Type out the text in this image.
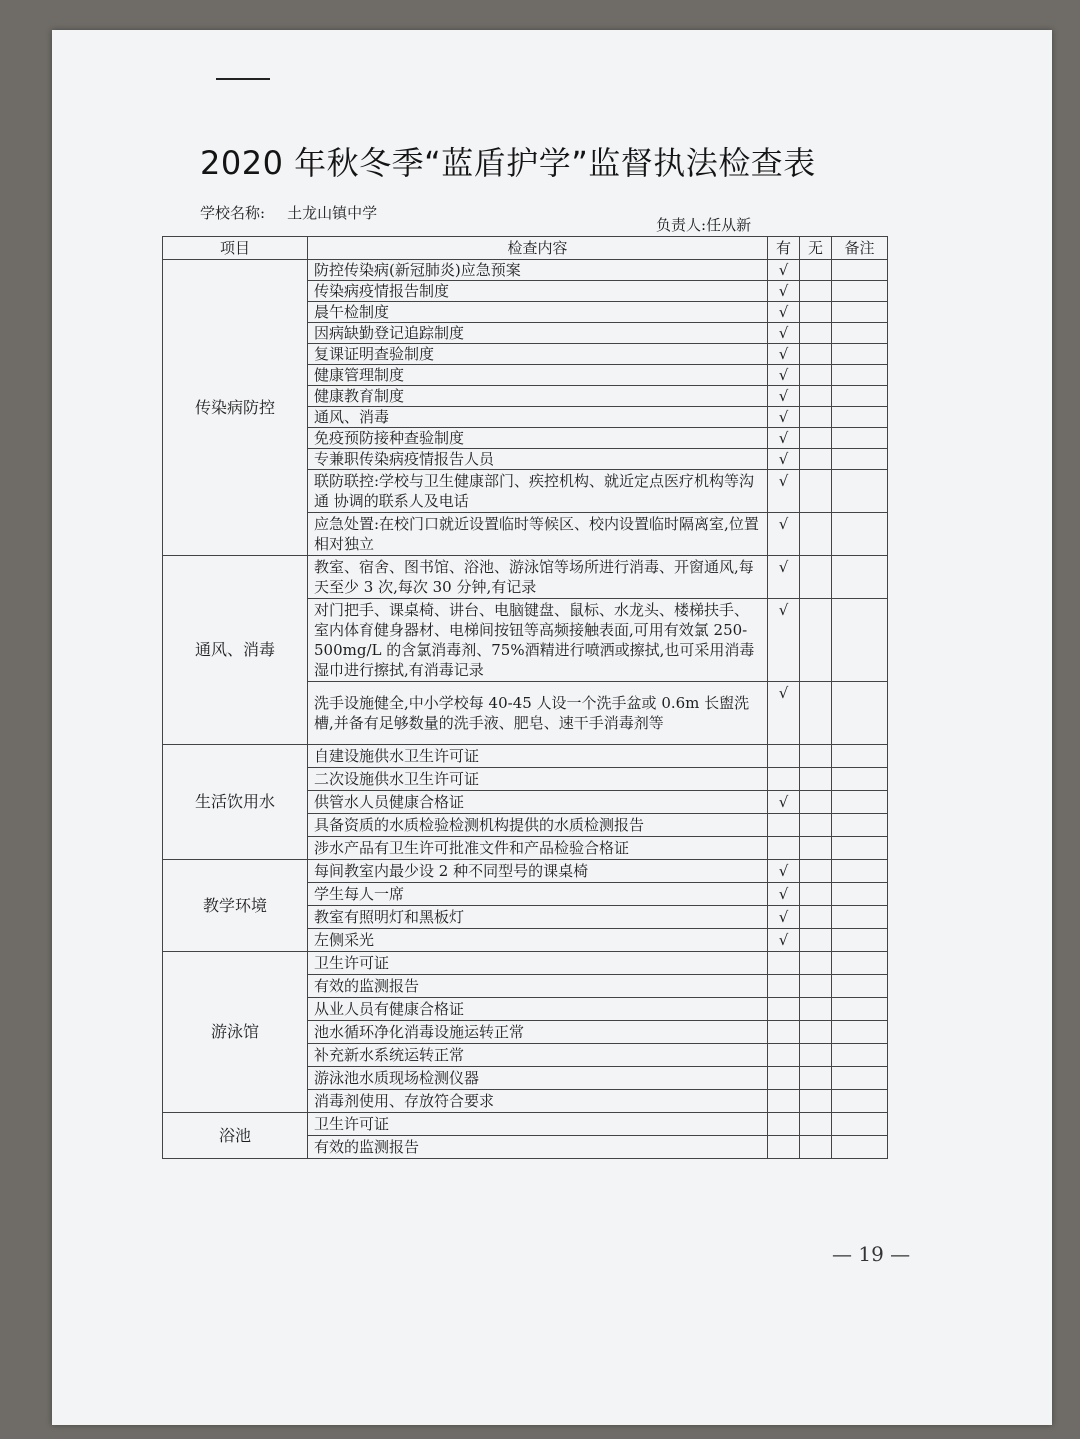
2020 年秋冬季“蓝盾护学”监督执法检查表
学校名称: 土龙山镇中学
负责人:任从新
项目	检查内容	有	无	备注
传染病防控	防控传染病(新冠肺炎)应急预案	√		
	传染病疫情报告制度	√		
	晨午检制度	√		
	因病缺勤登记追踪制度	√		
	复课证明查验制度	√		
	健康管理制度	√		
	健康教育制度	√		
	通风、消毒	√		
	免疫预防接种查验制度	√		
	专兼职传染病疫情报告人员	√		
	联防联控:学校与卫生健康部门、疾控机构、就近定点医疗机构等沟通 协调的联系人及电话	√		
	应急处置:在校门口就近设置临时等候区、校内设置临时隔离室,位置相对独立	√		
通风、消毒	教室、宿舍、图书馆、浴池、游泳馆等场所进行消毒、开窗通风,每天至少 3 次,每次 30 分钟,有记录	√		
	对门把手、课桌椅、讲台、电脑键盘、鼠标、水龙头、楼梯扶手、室内体育健身器材、电梯间按钮等高频接触表面,可用有效氯 250-500mg/L 的含氯消毒剂、75%酒精进行喷洒或擦拭,也可采用消毒湿巾进行擦拭,有消毒记录	√		
	洗手设施健全,中小学校每 40-45 人设一个洗手盆或 0.6m 长盥洗槽,并备有足够数量的洗手液、肥皂、速干手消毒剂等	√		
生活饮用水	自建设施供水卫生许可证			
	二次设施供水卫生许可证			
	供管水人员健康合格证	√		
	具备资质的水质检验检测机构提供的水质检测报告			
	涉水产品有卫生许可批准文件和产品检验合格证			
教学环境	每间教室内最少设 2 种不同型号的课桌椅	√		
	学生每人一席	√		
	教室有照明灯和黑板灯	√		
	左侧采光	√		
游泳馆	卫生许可证			
	有效的监测报告			
	从业人员有健康合格证			
	池水循环净化消毒设施运转正常			
	补充新水系统运转正常			
	游泳池水质现场检测仪器			
	消毒剂使用、存放符合要求			
浴池	卫生许可证			
	有效的监测报告			
— 19 —
